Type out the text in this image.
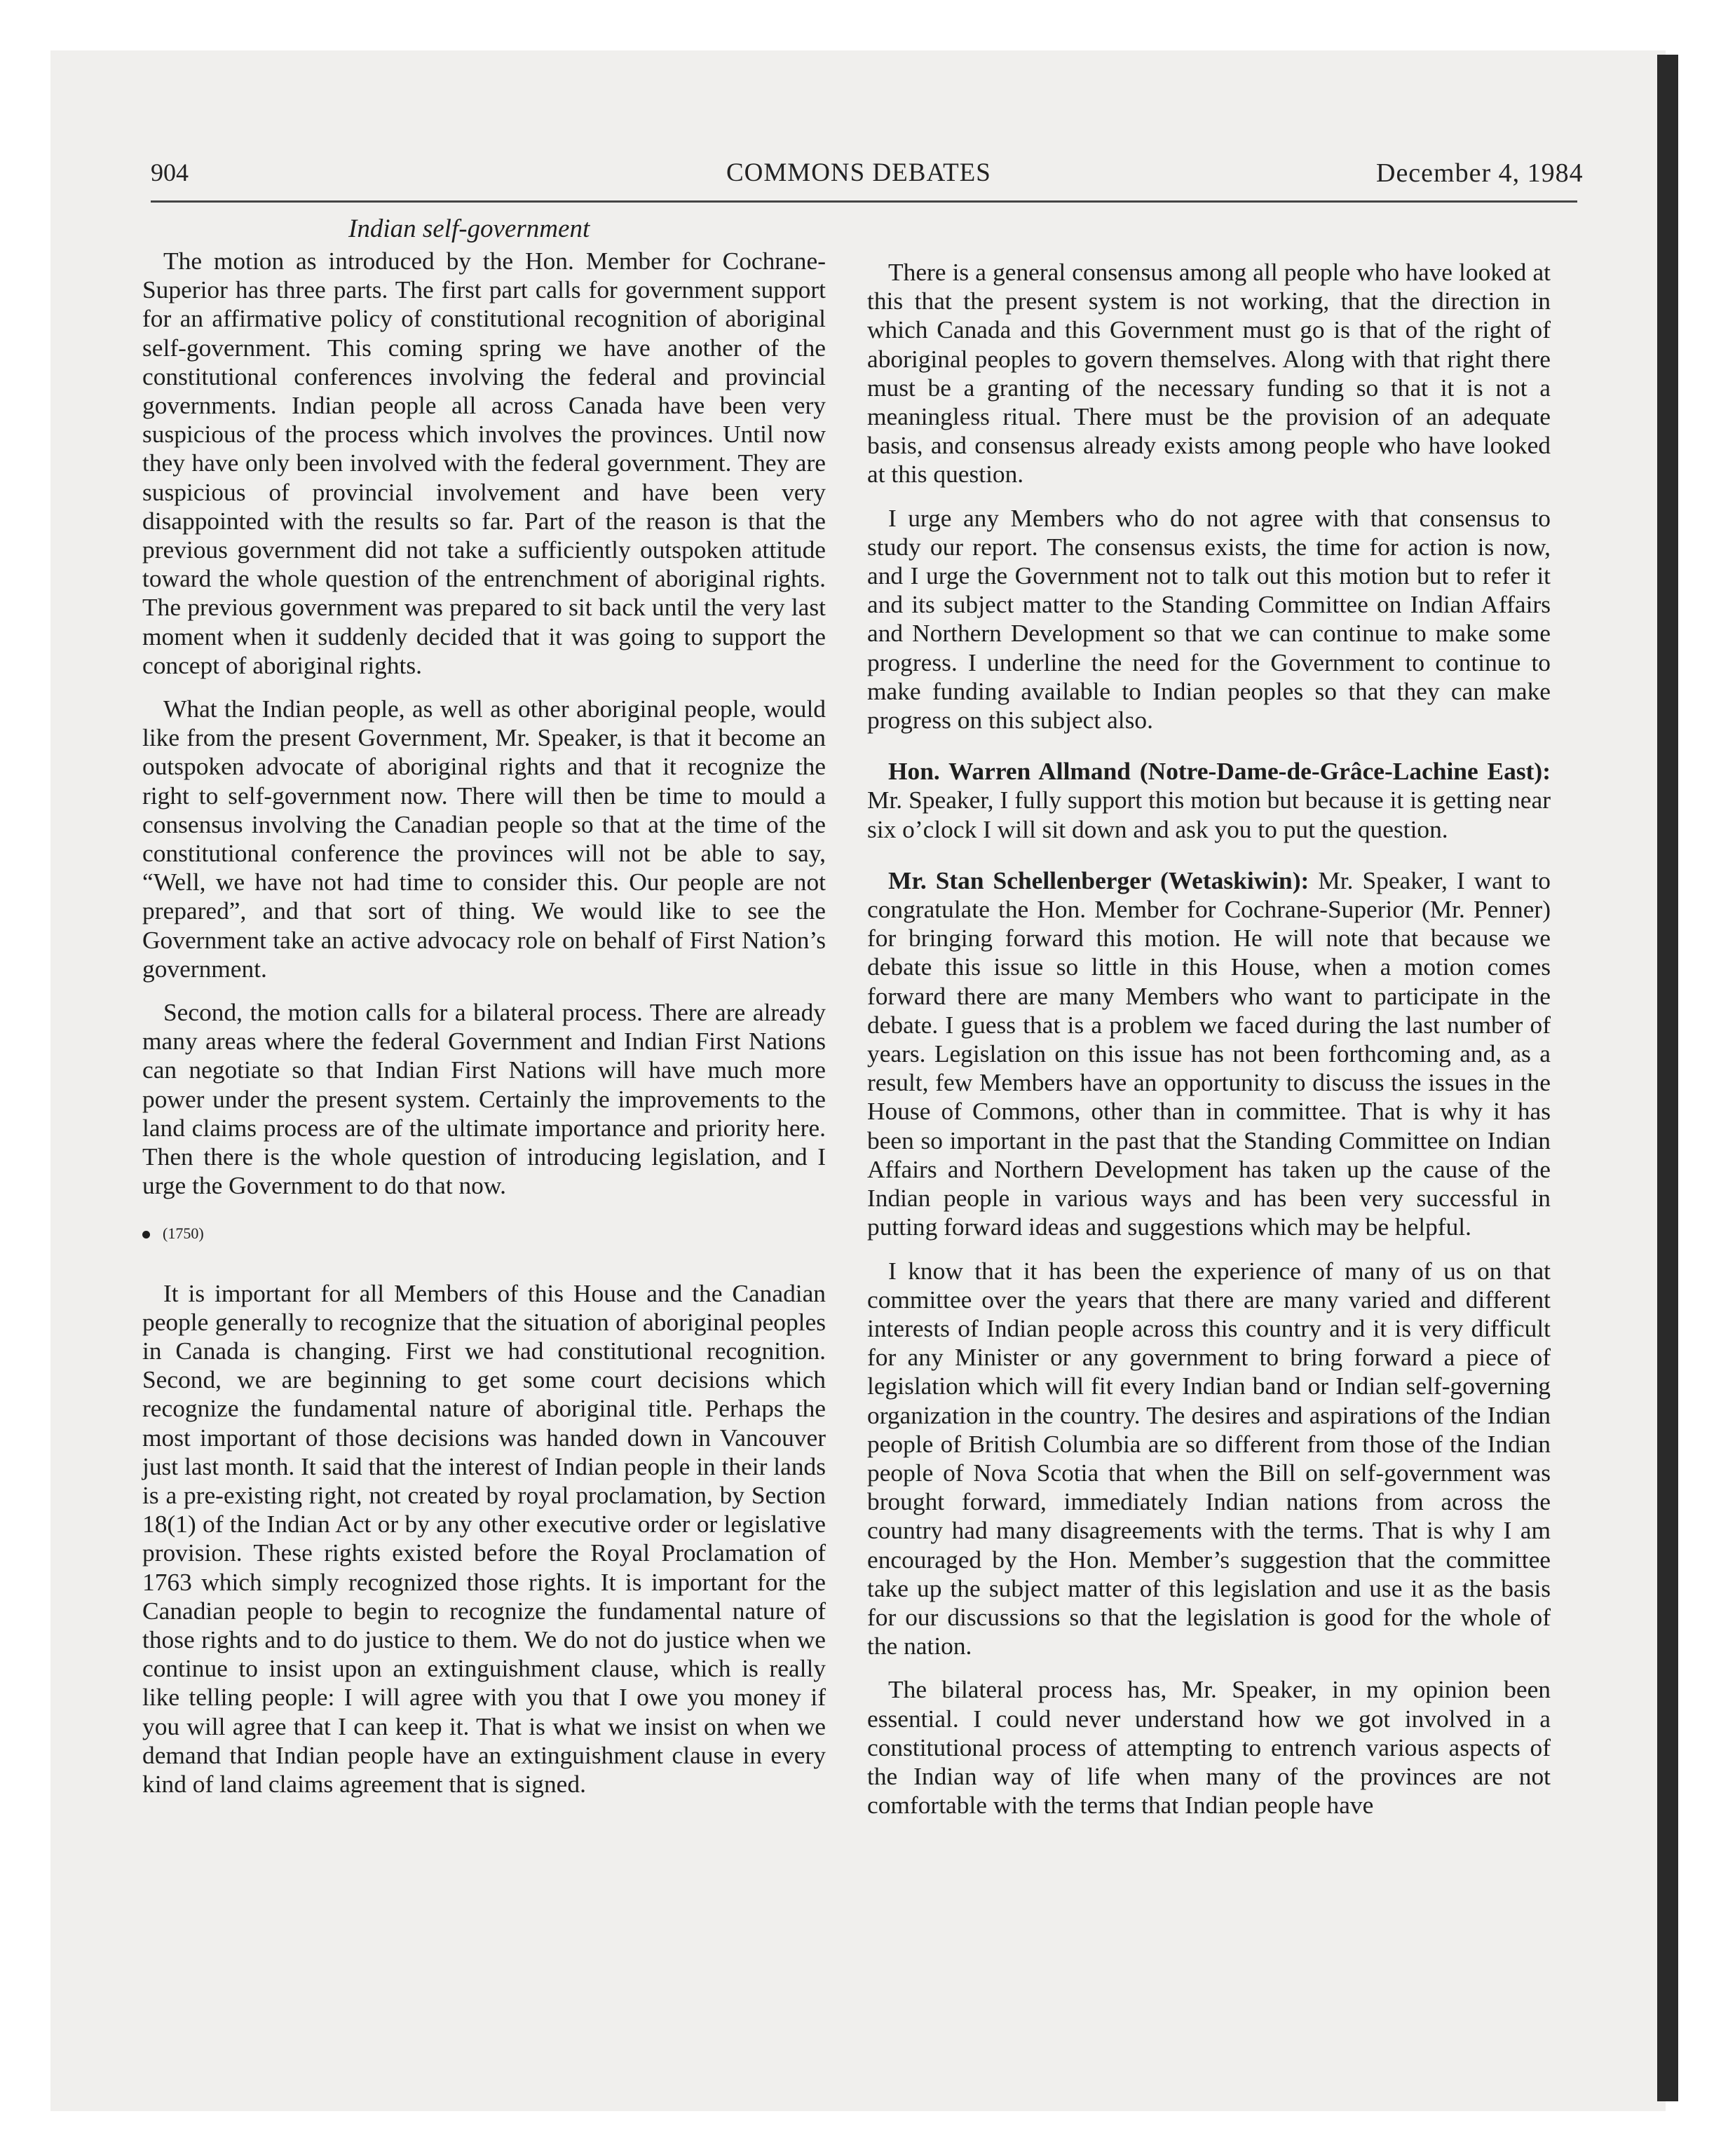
904	COMMONS DEBATES	December 4, 1984
Indian self-government

The motion as introduced by the Hon. Member for Cochrane-Superior has three parts. The first part calls for government support for an affirmative policy of constitutional recognition of aboriginal self-government. This coming spring we have another of the constitutional conferences involving the federal and provincial governments. Indian people all across Canada have been very suspicious of the process which involves the provinces. Until now they have only been involved with the federal government. They are suspicious of provincial involvement and have been very disappointed with the results so far. Part of the reason is that the previous government did not take a sufficiently outspoken attitude toward the whole question of the entrenchment of aboriginal rights. The previous government was prepared to sit back until the very last moment when it suddenly decided that it was going to support the concept of aboriginal rights.

What the Indian people, as well as other aboriginal people, would like from the present Government, Mr. Speaker, is that it become an outspoken advocate of aboriginal rights and that it recognize the right to self-government now. There will then be time to mould a consensus involving the Canadian people so that at the time of the constitutional conference the provinces will not be able to say, “Well, we have not had time to consider this. Our people are not prepared”, and that sort of thing. We would like to see the Government take an active advocacy role on behalf of First Nation’s government.

Second, the motion calls for a bilateral process. There are already many areas where the federal Government and Indian First Nations can negotiate so that Indian First Nations will have much more power under the present system. Certainly the improvements to the land claims process are of the ultimate importance and priority here. Then there is the whole question of introducing legislation, and I urge the Government to do that now.

(1750)

It is important for all Members of this House and the Canadian people generally to recognize that the situation of aboriginal peoples in Canada is changing. First we had constitutional recognition. Second, we are beginning to get some court decisions which recognize the fundamental nature of aboriginal title. Perhaps the most important of those decisions was handed down in Vancouver just last month. It said that the interest of Indian people in their lands is a pre-existing right, not created by royal proclamation, by Section 18(1) of the Indian Act or by any other executive order or legislative provision. These rights existed before the Royal Proclamation of 1763 which simply recognized those rights. It is important for the Canadian people to begin to recognize the fundamental nature of those rights and to do justice to them. We do not do justice when we continue to insist upon an extinguishment clause, which is really like telling people: I will agree with you that I owe you money if you will agree that I can keep it. That is what we insist on when we demand that Indian people have an extinguishment clause in every kind of land claims agreement that is signed.

There is a general consensus among all people who have looked at this that the present system is not working, that the direction in which Canada and this Government must go is that of the right of aboriginal peoples to govern themselves. Along with that right there must be a granting of the necessary funding so that it is not a meaningless ritual. There must be the provision of an adequate basis, and consensus already exists among people who have looked at this question.

I urge any Members who do not agree with that consensus to study our report. The consensus exists, the time for action is now, and I urge the Government not to talk out this motion but to refer it and its subject matter to the Standing Committee on Indian Affairs and Northern Development so that we can continue to make some progress. I underline the need for the Government to continue to make funding available to Indian peoples so that they can make progress on this subject also.

Hon. Warren Allmand (Notre-Dame-de-Grâce-Lachine East): Mr. Speaker, I fully support this motion but because it is getting near six o’clock I will sit down and ask you to put the question.

Mr. Stan Schellenberger (Wetaskiwin): Mr. Speaker, I want to congratulate the Hon. Member for Cochrane-Superior (Mr. Penner) for bringing forward this motion. He will note that because we debate this issue so little in this House, when a motion comes forward there are many Members who want to participate in the debate. I guess that is a problem we faced during the last number of years. Legislation on this issue has not been forthcoming and, as a result, few Members have an opportunity to discuss the issues in the House of Commons, other than in committee. That is why it has been so important in the past that the Standing Committee on Indian Affairs and Northern Development has taken up the cause of the Indian people in various ways and has been very successful in putting forward ideas and suggestions which may be helpful.

I know that it has been the experience of many of us on that committee over the years that there are many varied and different interests of Indian people across this country and it is very difficult for any Minister or any government to bring forward a piece of legislation which will fit every Indian band or Indian self-governing organization in the country. The desires and aspirations of the Indian people of British Columbia are so different from those of the Indian people of Nova Scotia that when the Bill on self-government was brought forward, immediately Indian nations from across the country had many disagreements with the terms. That is why I am encouraged by the Hon. Member’s suggestion that the committee take up the subject matter of this legislation and use it as the basis for our discussions so that the legislation is good for the whole of the nation.

The bilateral process has, Mr. Speaker, in my opinion been essential. I could never understand how we got involved in a constitutional process of attempting to entrench various aspects of the Indian way of life when many of the provinces are not comfortable with the terms that Indian people have
